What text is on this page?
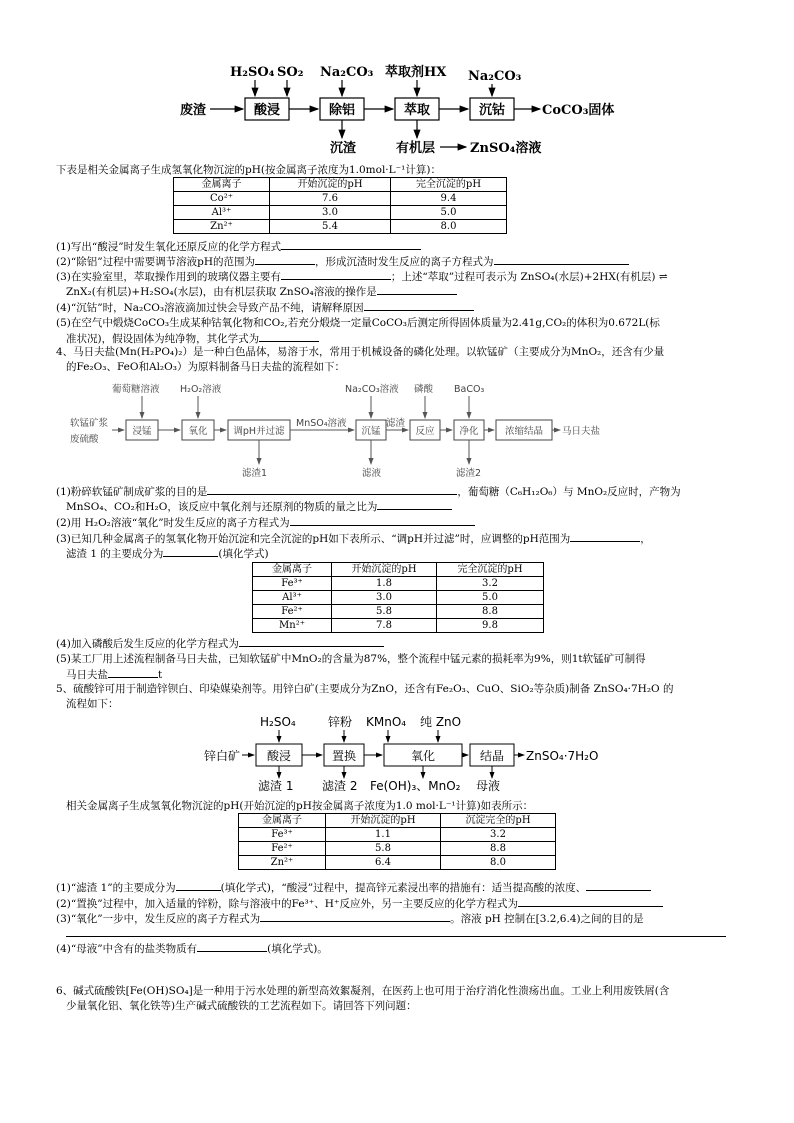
H₂SO₄ SO₂ Na₂CO₃ 萃取剂HX Na₂CO₃
废渣	CoCO₃固体
沉渣	有机层	ZnSO₄溶液
酸浸	除铝	萃取	沉钴
下表是相关金属离子生成氢氧化物沉淀的pH(按金属离子浓度为1.0mol·L⁻¹计算)：
金属离子	开始沉淀的pH	完全沉淀的pH
Co²⁺	7.6	9.4
Al³⁺	3.0	5.0
Zn²⁺	5.4	8.0
(1)写出“酸浸”时发生氧化还原反应的化学方程式
(2)“除铝”过程中需要调节溶液pH的范围为	，形成沉渣时发生反应的离子方程式为
(3)在实验室里，萃取操作用到的玻璃仪器主要有	；上述“萃取”过程可表示为 ZnSO₄(水层)+2HX(有机层) ⇌
ZnX₂(有机层)+H₂SO₄(水层)，由有机层获取 ZnSO₄溶液的操作是
(4)“沉钴”时，Na₂CO₃溶液滴加过快会导致产品不纯，请解释原因
(5)在空气中煅烧CoCO₃生成某种钴氧化物和CO₂,若充分煅烧一定量CoCO₃后测定所得固体质量为2.41g,CO₂的体积为0.672L(标
准状况)，假设固体为纯净物，其化学式为
4、马日夫盐(Mn(H₂PO₄)₂）是一种白色晶体，易溶于水，常用于机械设备的磷化处理。以软锰矿（主要成分为MnO₂，还含有少量
的Fe₂O₃、FeO和Al₂O₃）为原料制备马日夫盐的流程如下：
葡萄糖溶液 H₂O₂溶液	Na₂CO₃溶液 磷酸 BaCO₃
软锰矿浆
废硫酸
MnSO₄溶液	滤渣
马日夫盐
滤渣1	滤液	滤渣2
浸锰	氧化	调pH并过滤	沉锰	反应	净化	浓缩结晶
(1)粉碎软锰矿制成矿浆的目的是	，葡萄糖（C₆H₁₂O₆）与 MnO₂反应时，产物为
MnSO₄、CO₂和H₂O，该反应中氧化剂与还原剂的物质的量之比为
(2)用 H₂O₂溶液“氧化”时发生反应的离子方程式为
(3)已知几种金属离子的氢氧化物开始沉淀和完全沉淀的pH如下表所示、“调pH并过滤”时，应调整的pH范围为	，
滤渣 1 的主要成分为	(填化学式)
金属离子	开始沉淀的pH	完全沉淀的pH
Fe³⁺	1.8	3.2
Al³⁺	3.0	5.0
Fe²⁺	5.8	8.8
Mn²⁺	7.8	9.8
(4)加入磷酸后发生反应的化学方程式为
(5)某工厂用上述流程制备马日夫盐，已知软锰矿中MnO₂的含量为87%，整个流程中锰元素的损耗率为9%，则1t软锰矿可制得
马日夫盐	t
5、硫酸锌可用于制造锌钡白、印染媒染剂等。用锌白矿(主要成分为ZnO，还含有Fe₂O₃、CuO、SiO₂等杂质)制备 ZnSO₄·7H₂O 的
流程如下：
H₂SO₄	锌粉 KMnO₄ 纯 ZnO
锌白矿	ZnSO₄·7H₂O
滤渣 1 滤渣 2 Fe(OH)₃、MnO₂ 母液
酸浸	置换	氧化	结晶
相关金属离子生成氢氧化物沉淀的pH(开始沉淀的pH按金属离子浓度为1.0 mol·L⁻¹计算)如表所示：
金属离子	开始沉淀的pH	沉淀完全的pH
Fe³⁺	1.1	3.2
Fe²⁺	5.8	8.8
Zn²⁺	6.4	8.0
(1)“滤渣 1”的主要成分为	(填化学式)，“酸浸”过程中，提高锌元素浸出率的措施有：适当提高酸的浓度、
(2)“置换”过程中，加入适量的锌粉，除与溶液中的Fe³⁺、H⁺反应外，另一主要反应的化学方程式为
(3)“氧化”一步中，发生反应的离子方程式为	。溶液 pH 控制在[3.2,6.4)之间的目的是
(4)“母液”中含有的盐类物质有	(填化学式)。
6、碱式硫酸铁[Fe(OH)SO₄]是一种用于污水处理的新型高效絮凝剂，在医药上也可用于治疗消化性溃疡出血。工业上利用废铁屑(含
少量氧化铝、氧化铁等)生产碱式硫酸铁的工艺流程如下。请回答下列问题：
